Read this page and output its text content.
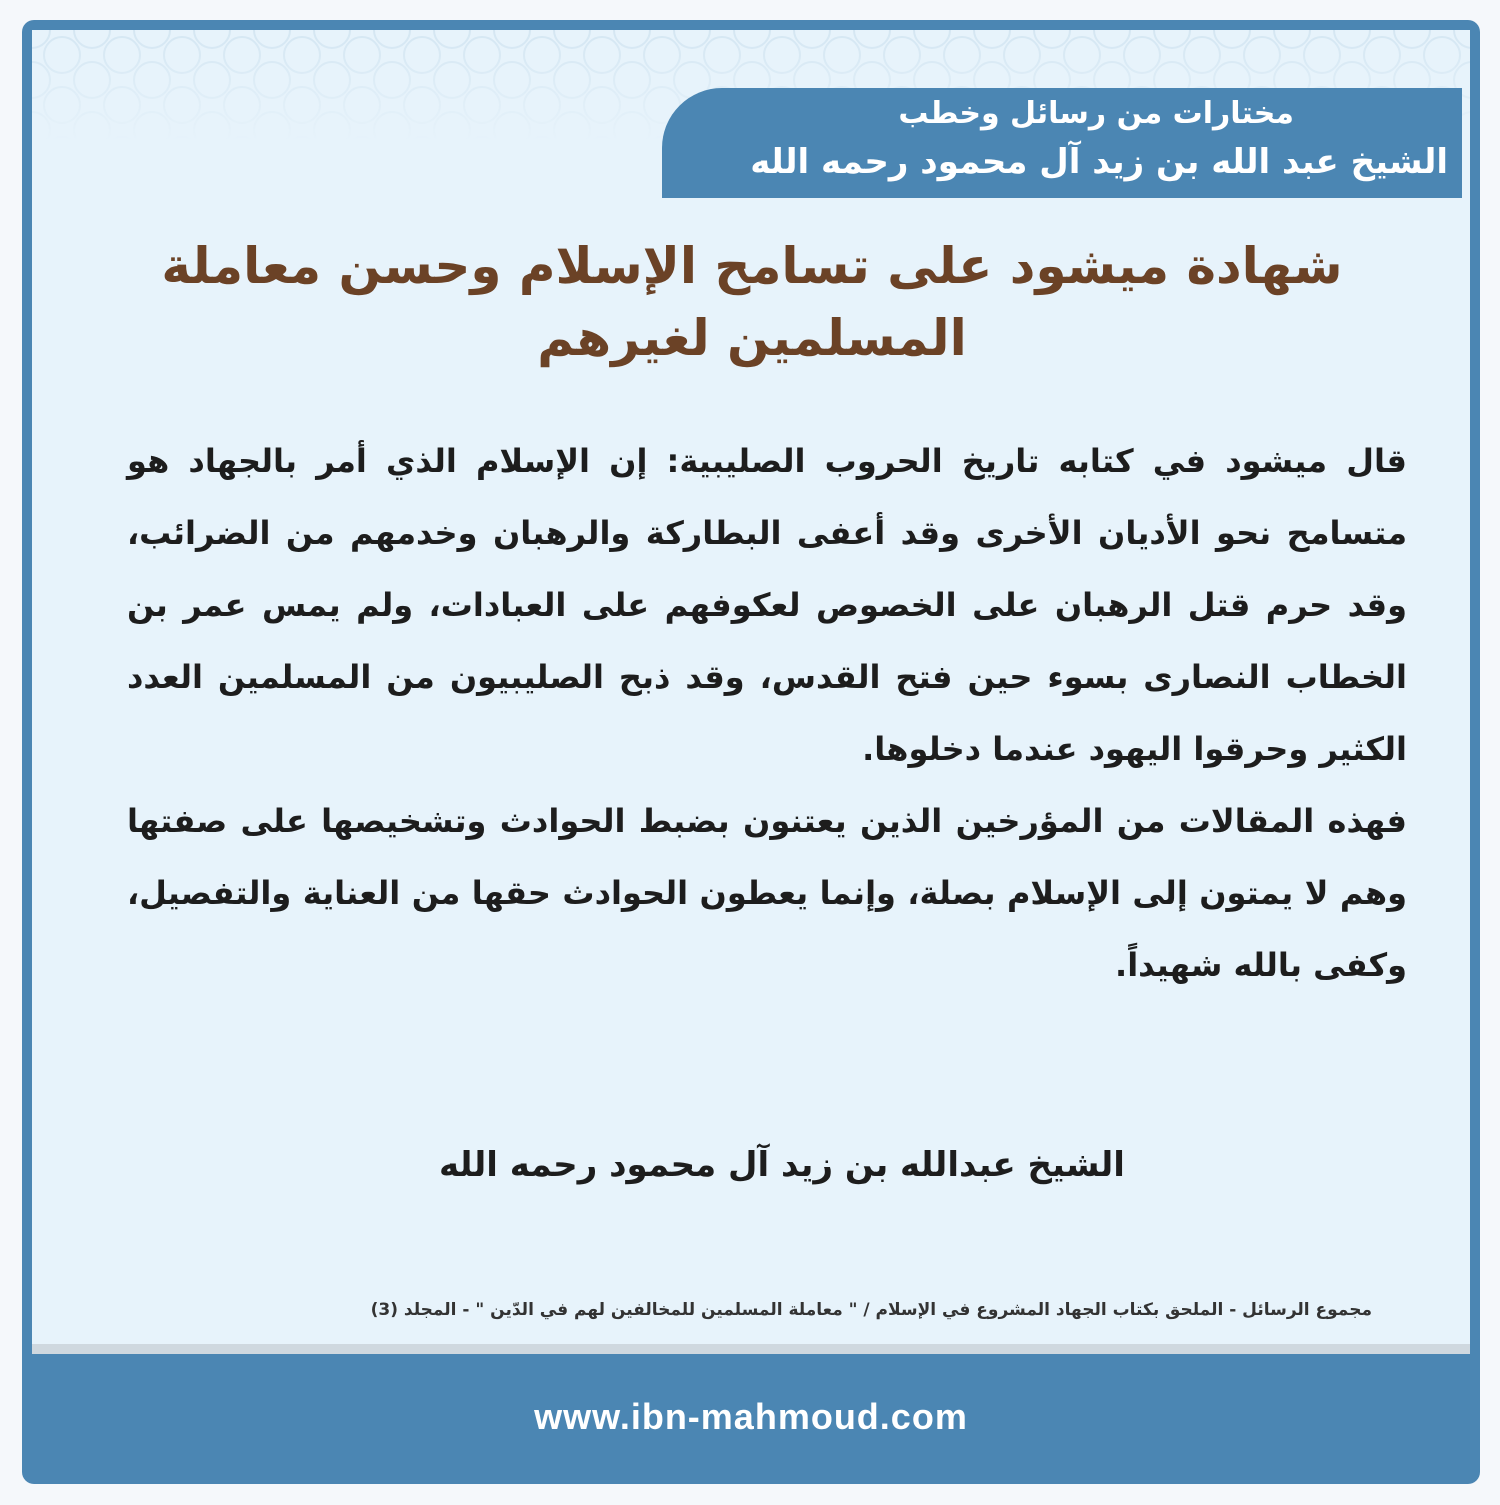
مختارات من رسائل وخطب
الشيخ عبد الله بن زيد آل محمود رحمه الله
شهادة ميشود على تسامح الإسلام وحسن معاملة المسلمين لغيرهم

قال ميشود في كتابه تاريخ الحروب الصليبية: إن الإسلام الذي أمر بالجهاد هو متسامح نحو الأديان الأخرى وقد أعفى البطاركة والرهبان وخدمهم من الضرائب، وقد حرم قتل الرهبان على الخصوص لعكوفهم على العبادات، ولم يمس عمر بن الخطاب النصارى بسوء حين فتح القدس، وقد ذبح الصليبيون من المسلمين العدد الكثير وحرقوا اليهود عندما دخلوها.

فهذه المقالات من المؤرخين الذين يعتنون بضبط الحوادث وتشخيصها على صفتها وهم لا يمتون إلى الإسلام بصلة، وإنما يعطون الحوادث حقها من العناية والتفصيل، وكفى بالله شهيداً.

الشيخ عبدالله بن زيد آل محمود رحمه الله
مجموع الرسائل - الملحق بكتاب الجهاد المشروع في الإسلام / " معاملة المسلمين للمخالفين لهم في الدّين " - المجلد (3)
www.ibn-mahmoud.com
